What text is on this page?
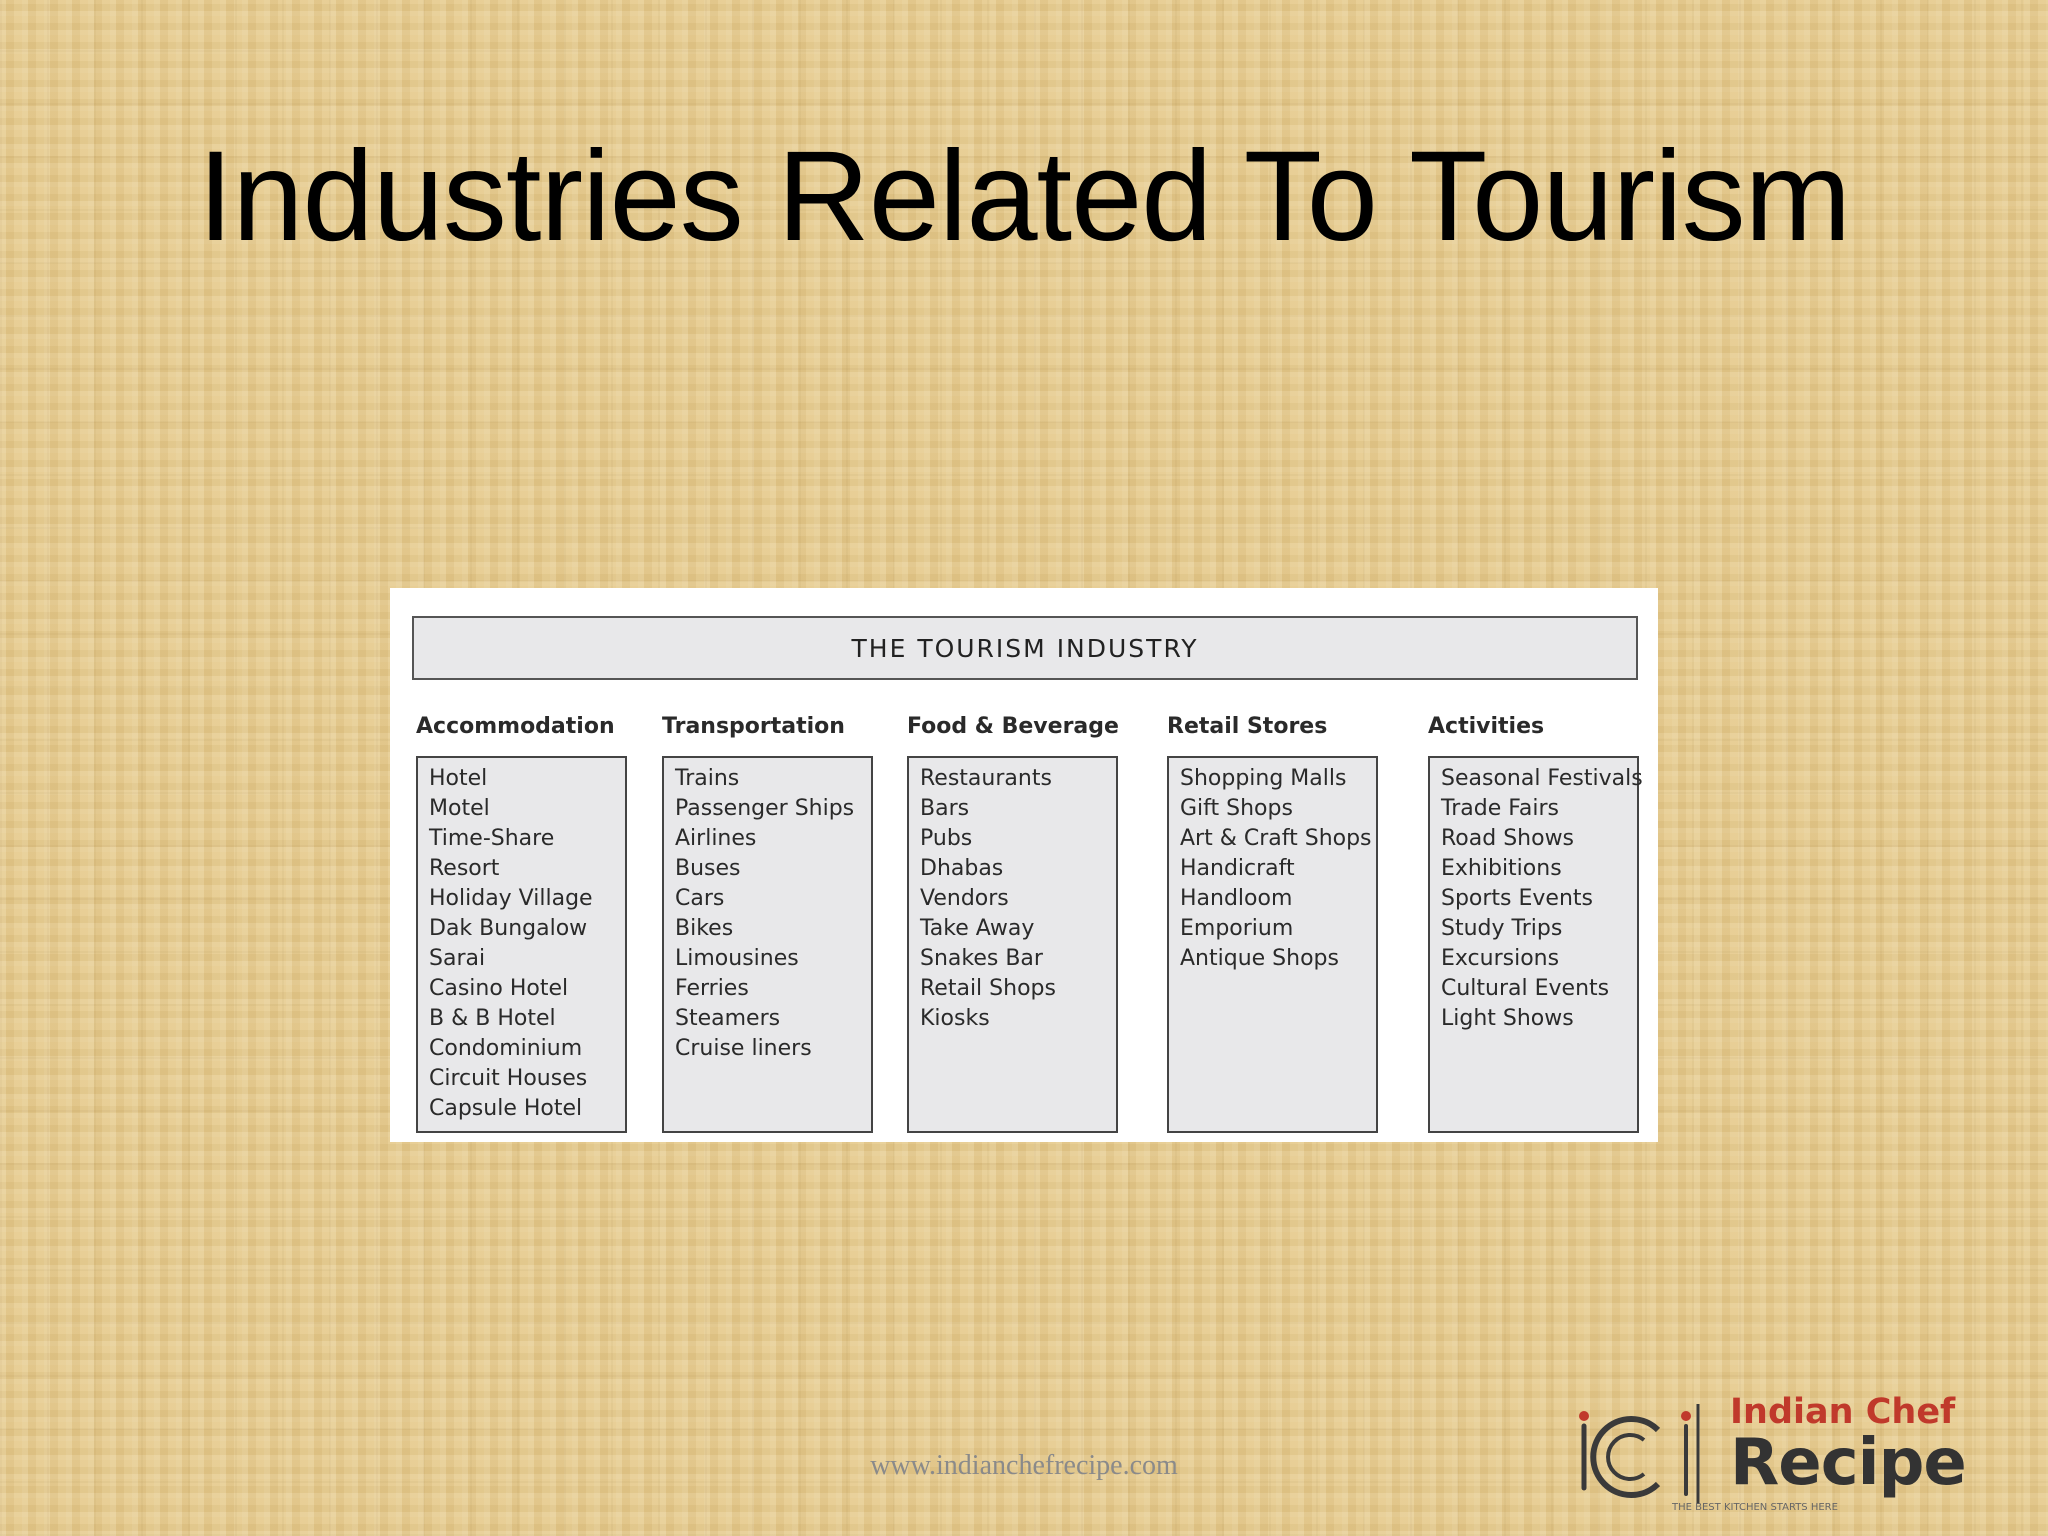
Industries Related To Tourism
THE TOURISM INDUSTRY
Accommodation
Hotel
Motel
Time-Share
Resort
Holiday Village
Dak Bungalow
Sarai
Casino Hotel
B & B Hotel
Condominium
Circuit Houses
Capsule Hotel
Transportation
Trains
Passenger Ships
Airlines
Buses
Cars
Bikes
Limousines
Ferries
Steamers
Cruise liners
Food & Beverage
Restaurants
Bars
Pubs
Dhabas
Vendors
Take Away
Snakes Bar
Retail Shops
Kiosks
Retail Stores
Shopping Malls
Gift Shops
Art & Craft Shops
Handicraft
Handloom
Emporium
Antique Shops
Activities
Seasonal Festivals
Trade Fairs
Road Shows
Exhibitions
Sports Events
Study Trips
Excursions
Cultural Events
Light Shows
www.indianchefrecipe.com
Indian Chef
Recipe
THE BEST KITCHEN STARTS HERE
